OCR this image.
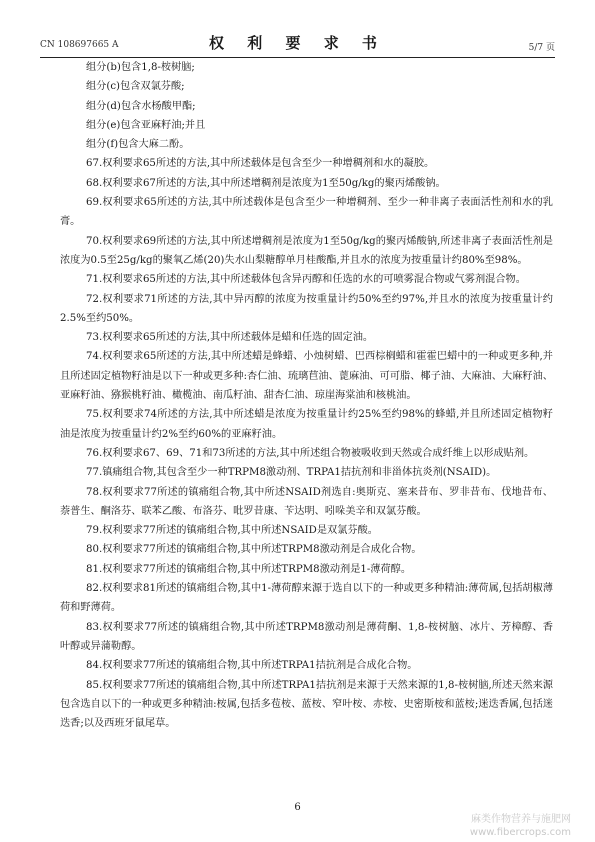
CN 108697665 A	权 利 要 求 书	5/7 页

组分(b)包含1,8-桉树脑;

组分(c)包含双氯芬酸;

组分(d)包含水杨酸甲酯;

组分(e)包含亚麻籽油;并且

组分(f)包含大麻二酚。

67.权利要求65所述的方法,其中所述载体是包含至少一种增稠剂和水的凝胶。

68.权利要求67所述的方法,其中所述增稠剂是浓度为1至50g/kg的聚丙烯酸钠。

69.权利要求65所述的方法,其中所述载体是包含至少一种增稠剂、至少一种非离子表面活性剂和水的乳膏。

70.权利要求69所述的方法,其中所述增稠剂是浓度为1至50g/kg的聚丙烯酸钠,所述非离子表面活性剂是浓度为0.5至25g/kg的聚氧乙烯(20)失水山梨糖醇单月桂酸酯,并且水的浓度为按重量计约80%至98%。

71.权利要求65所述的方法,其中所述载体包含异丙醇和任选的水的可喷雾混合物或气雾剂混合物。

72.权利要求71所述的方法,其中异丙醇的浓度为按重量计约50%至约97%,并且水的浓度为按重量计约2.5%至约50%。

73.权利要求65所述的方法,其中所述载体是蜡和任选的固定油。

74.权利要求65所述的方法,其中所述蜡是蜂蜡、小烛树蜡、巴西棕榈蜡和霍霍巴蜡中的一种或更多种,并且所述固定植物籽油是以下一种或更多种:杏仁油、琉璃苣油、蓖麻油、可可脂、椰子油、大麻油、大麻籽油、亚麻籽油、猕猴桃籽油、橄榄油、南瓜籽油、甜杏仁油、琼崖海棠油和核桃油。

75.权利要求74所述的方法,其中所述蜡是浓度为按重量计约25%至约98%的蜂蜡,并且所述固定植物籽油是浓度为按重量计约2%至约60%的亚麻籽油。

76.权利要求67、69、71和73所述的方法,其中所述组合物被吸收到天然或合成纤维上以形成贴剂。

77.镇痛组合物,其包含至少一种TRPM8激动剂、TRPA1拮抗剂和非甾体抗炎剂(NSAID)。

78.权利要求77所述的镇痛组合物,其中所述NSAID剂选自:奥斯克、塞来昔布、罗非昔布、伐地昔布、萘普生、酮洛芬、联苯乙酸、布洛芬、吡罗昔康、苄达明、吲哚美辛和双氯芬酸。

79.权利要求77所述的镇痛组合物,其中所述NSAID是双氯芬酸。

80.权利要求77所述的镇痛组合物,其中所述TRPM8激动剂是合成化合物。

81.权利要求77所述的镇痛组合物,其中所述TRPM8激动剂是1-薄荷醇。

82.权利要求81所述的镇痛组合物,其中1-薄荷醇来源于选自以下的一种或更多种精油:薄荷属,包括胡椒薄荷和野薄荷。

83.权利要求77所述的镇痛组合物,其中所述TRPM8激动剂是薄荷酮、1,8-桉树脑、冰片、芳樟醇、香叶醇或异蒲勒醇。

84.权利要求77所述的镇痛组合物,其中所述TRPA1拮抗剂是合成化合物。

85.权利要求77所述的镇痛组合物,其中所述TRPA1拮抗剂是来源于天然来源的1,8-桉树脑,所述天然来源包含选自以下的一种或更多种精油:桉属,包括多苞桉、蓝桉、窄叶桉、赤桉、史密斯桉和蓝桉;迷迭香属,包括迷迭香;以及西班牙鼠尾草。

6
麻类作物营养与施肥网
www.fibercrops.com
